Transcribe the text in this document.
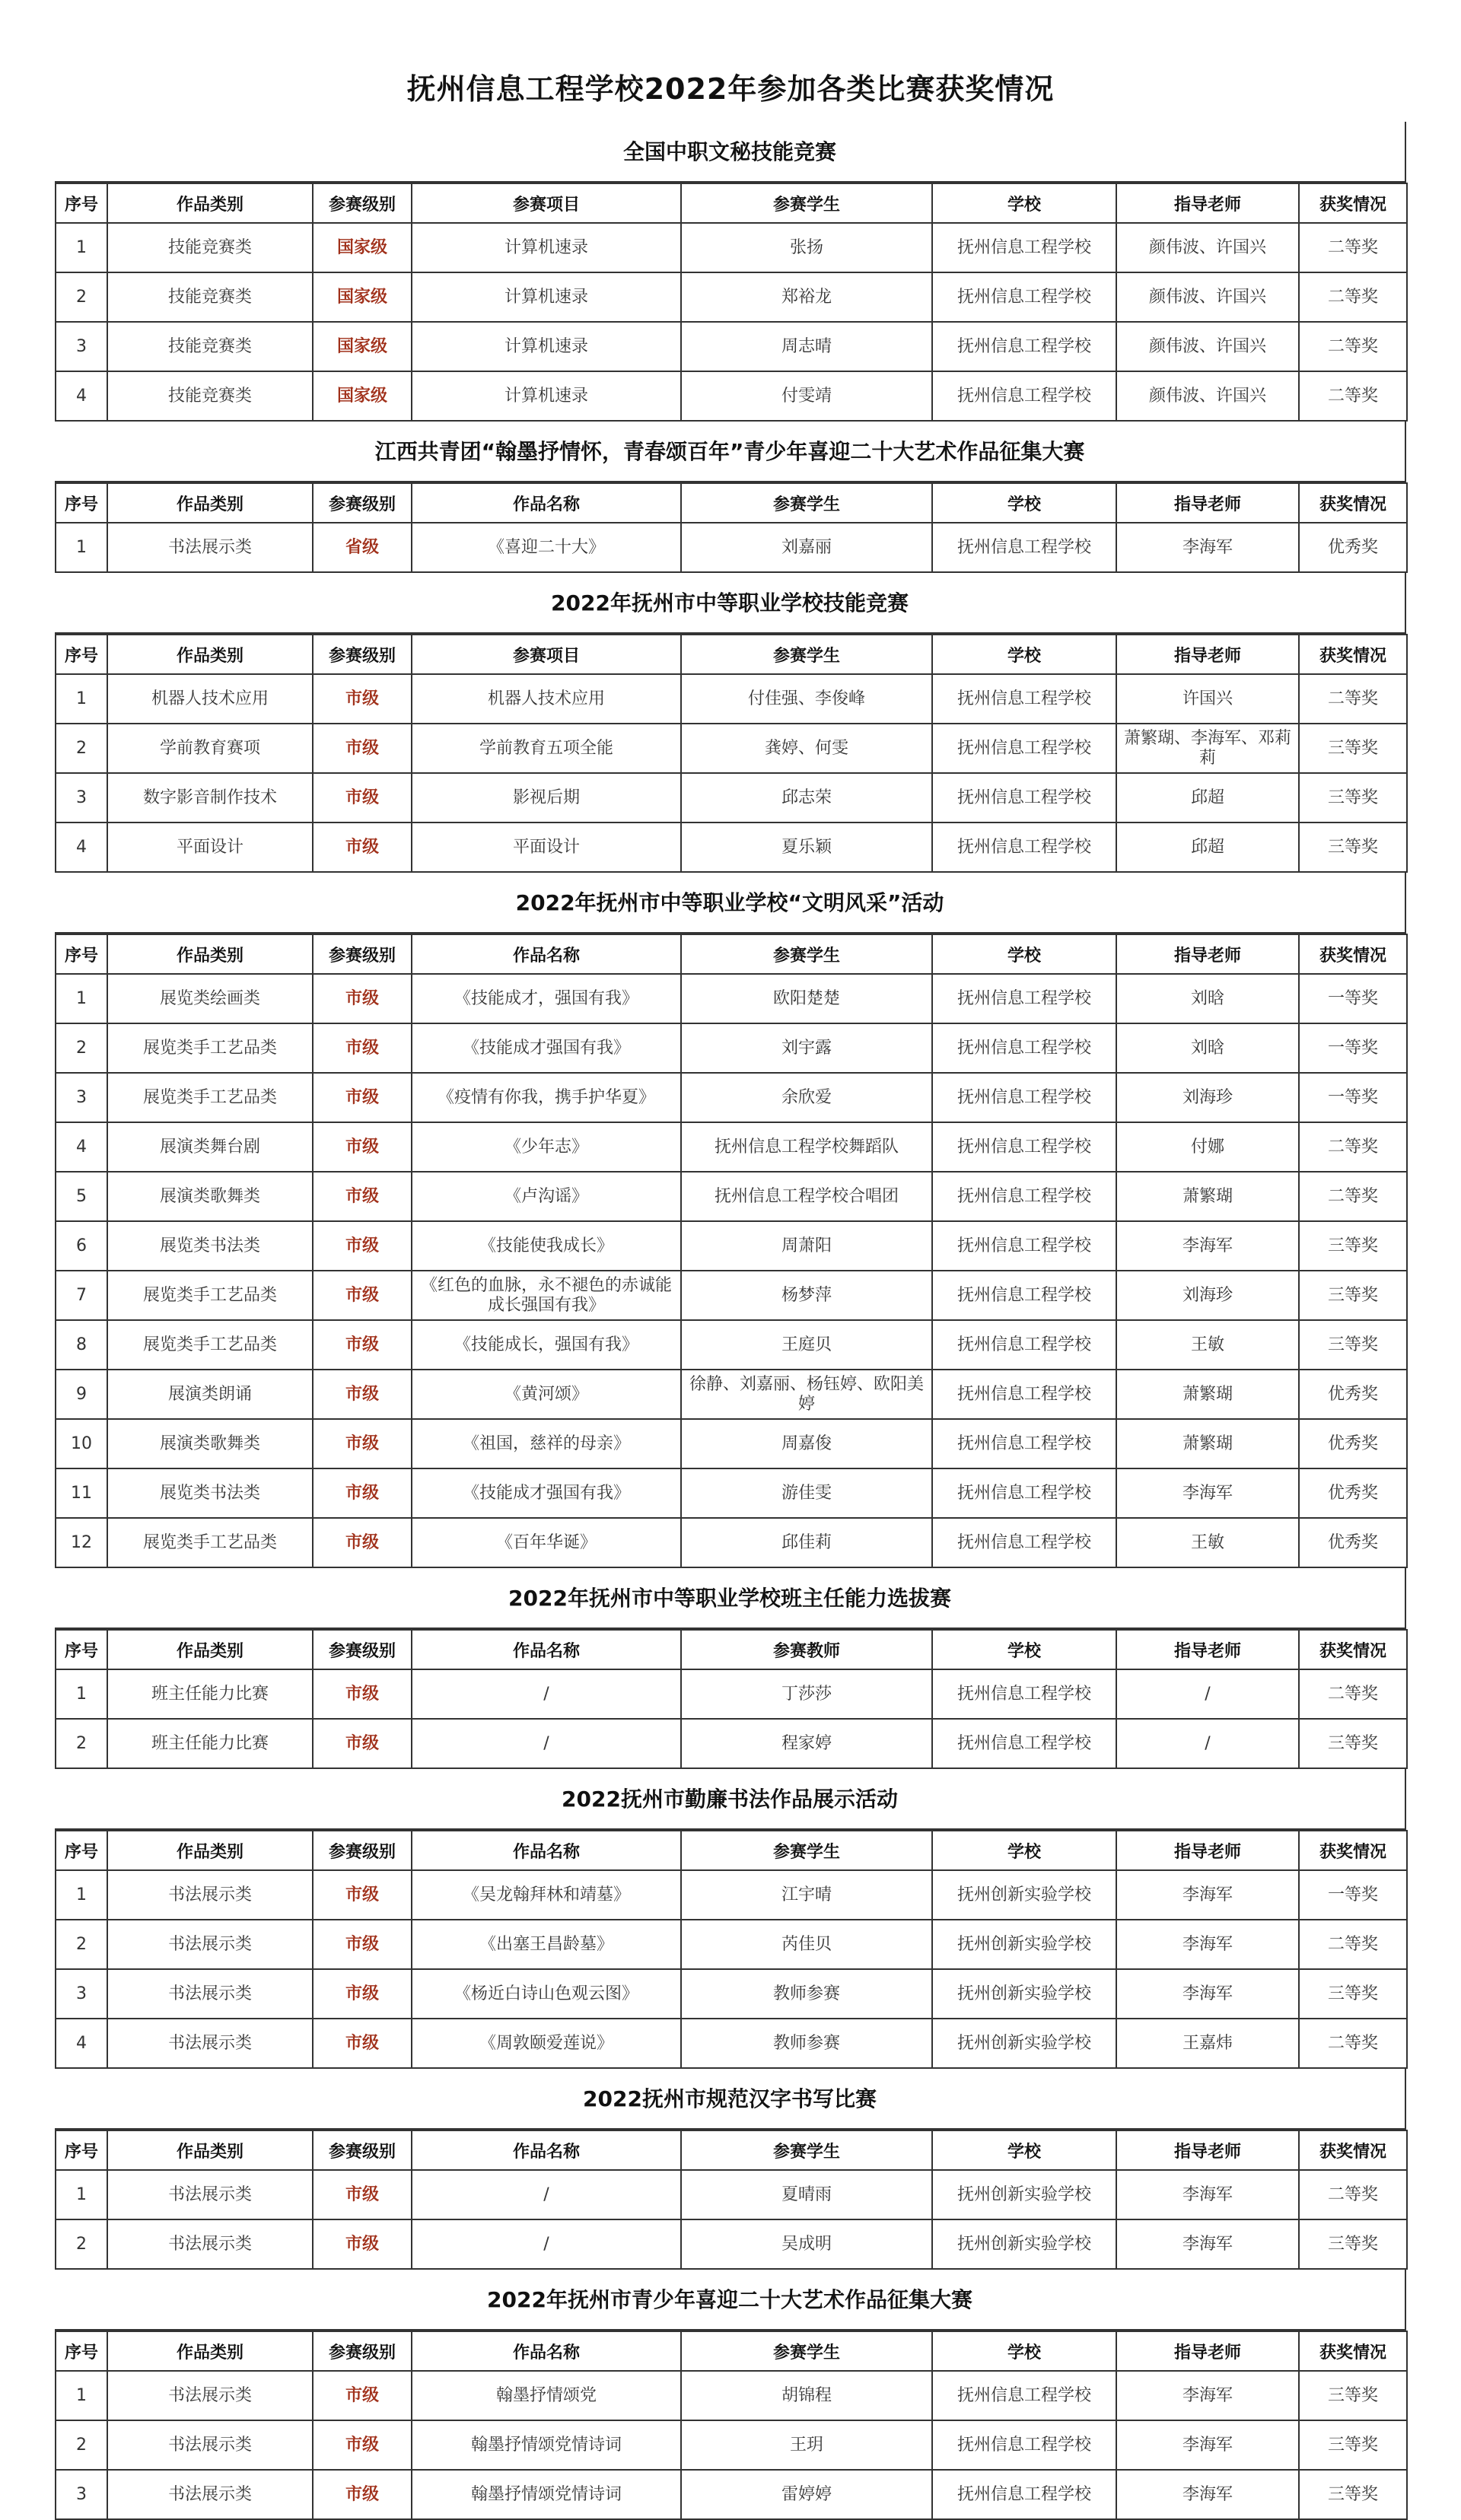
抚州信息工程学校2022年参加各类比赛获奖情况
全国中职文秘技能竞赛
序号	作品类别	参赛级别	参赛项目	参赛学生	学校	指导老师	获奖情况
1	技能竞赛类	国家级	计算机速录	张扬	抚州信息工程学校	颜伟波、许国兴	二等奖
2	技能竞赛类	国家级	计算机速录	郑裕龙	抚州信息工程学校	颜伟波、许国兴	二等奖
3	技能竞赛类	国家级	计算机速录	周志晴	抚州信息工程学校	颜伟波、许国兴	二等奖
4	技能竞赛类	国家级	计算机速录	付雯靖	抚州信息工程学校	颜伟波、许国兴	二等奖
江西共青团“翰墨抒情怀，青春颂百年”青少年喜迎二十大艺术作品征集大赛
序号	作品类别	参赛级别	作品名称	参赛学生	学校	指导老师	获奖情况
1	书法展示类	省级	《喜迎二十大》	刘嘉丽	抚州信息工程学校	李海军	优秀奖
2022年抚州市中等职业学校技能竞赛
序号	作品类别	参赛级别	参赛项目	参赛学生	学校	指导老师	获奖情况
1	机器人技术应用	市级	机器人技术应用	付佳强、李俊峰	抚州信息工程学校	许国兴	二等奖
2	学前教育赛项	市级	学前教育五项全能	龚婷、何雯	抚州信息工程学校	萧繁瑚、李海军、邓莉莉	三等奖
3	数字影音制作技术	市级	影视后期	邱志荣	抚州信息工程学校	邱超	三等奖
4	平面设计	市级	平面设计	夏乐颖	抚州信息工程学校	邱超	三等奖
2022年抚州市中等职业学校“文明风采”活动
序号	作品类别	参赛级别	作品名称	参赛学生	学校	指导老师	获奖情况
1	展览类绘画类	市级	《技能成才，强国有我》	欧阳楚楚	抚州信息工程学校	刘晗	一等奖
2	展览类手工艺品类	市级	《技能成才强国有我》	刘宇露	抚州信息工程学校	刘晗	一等奖
3	展览类手工艺品类	市级	《疫情有你我，携手护华夏》	余欣爱	抚州信息工程学校	刘海珍	一等奖
4	展演类舞台剧	市级	《少年志》	抚州信息工程学校舞蹈队	抚州信息工程学校	付娜	二等奖
5	展演类歌舞类	市级	《卢沟谣》	抚州信息工程学校合唱团	抚州信息工程学校	萧繁瑚	二等奖
6	展览类书法类	市级	《技能使我成长》	周萧阳	抚州信息工程学校	李海军	三等奖
7	展览类手工艺品类	市级	《红色的血脉，永不褪色的赤诚能成长强国有我》	杨梦萍	抚州信息工程学校	刘海珍	三等奖
8	展览类手工艺品类	市级	《技能成长，强国有我》	王庭贝	抚州信息工程学校	王敏	三等奖
9	展演类朗诵	市级	《黄河颂》	徐静、刘嘉丽、杨钰婷、欧阳美婷	抚州信息工程学校	萧繁瑚	优秀奖
10	展演类歌舞类	市级	《祖国，慈祥的母亲》	周嘉俊	抚州信息工程学校	萧繁瑚	优秀奖
11	展览类书法类	市级	《技能成才强国有我》	游佳雯	抚州信息工程学校	李海军	优秀奖
12	展览类手工艺品类	市级	《百年华诞》	邱佳莉	抚州信息工程学校	王敏	优秀奖
2022年抚州市中等职业学校班主任能力选拔赛
序号	作品类别	参赛级别	作品名称	参赛教师	学校	指导老师	获奖情况
1	班主任能力比赛	市级	/	丁莎莎	抚州信息工程学校	/	二等奖
2	班主任能力比赛	市级	/	程家婷	抚州信息工程学校	/	三等奖
2022抚州市勤廉书法作品展示活动
序号	作品类别	参赛级别	作品名称	参赛学生	学校	指导老师	获奖情况
1	书法展示类	市级	《吴龙翰拜林和靖墓》	江宇晴	抚州创新实验学校	李海军	一等奖
2	书法展示类	市级	《出塞王昌龄墓》	芮佳贝	抚州创新实验学校	李海军	二等奖
3	书法展示类	市级	《杨近白诗山色观云图》	教师参赛	抚州创新实验学校	李海军	三等奖
4	书法展示类	市级	《周敦颐爱莲说》	教师参赛	抚州创新实验学校	王嘉炜	二等奖
2022抚州市规范汉字书写比赛
序号	作品类别	参赛级别	作品名称	参赛学生	学校	指导老师	获奖情况
1	书法展示类	市级	/	夏晴雨	抚州创新实验学校	李海军	二等奖
2	书法展示类	市级	/	吴成明	抚州创新实验学校	李海军	三等奖
2022年抚州市青少年喜迎二十大艺术作品征集大赛
序号	作品类别	参赛级别	作品名称	参赛学生	学校	指导老师	获奖情况
1	书法展示类	市级	翰墨抒情颂党	胡锦程	抚州信息工程学校	李海军	三等奖
2	书法展示类	市级	翰墨抒情颂党情诗词	王玥	抚州信息工程学校	李海军	三等奖
3	书法展示类	市级	翰墨抒情颂党情诗词	雷婷婷	抚州信息工程学校	李海军	三等奖
